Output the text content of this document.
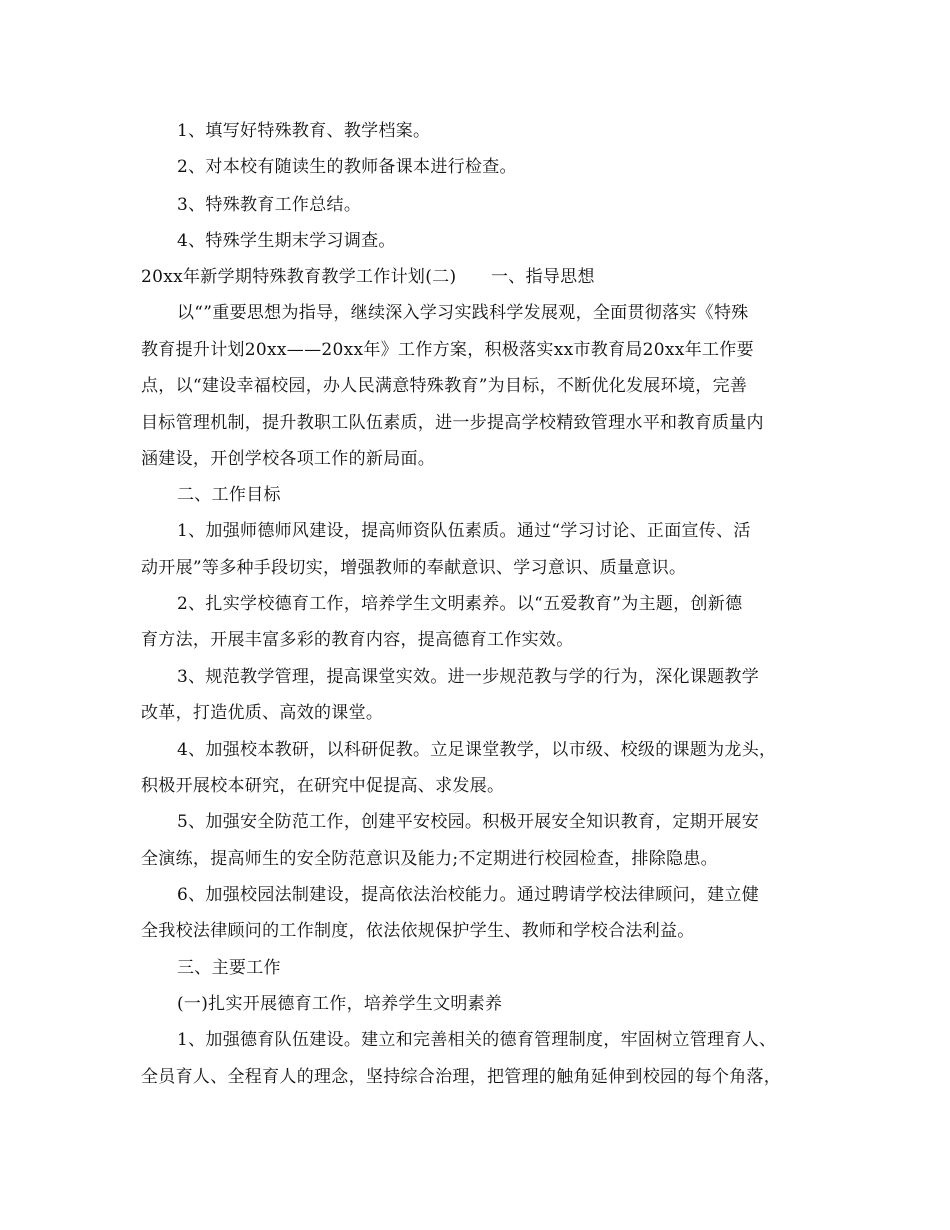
1、填写好特殊教育、教学档案。
2、对本校有随读生的教师备课本进行检查。
3、特殊教育工作总结。
4、特殊学生期末学习调查。
20xx年新学期特殊教育教学工作计划(二)　　一、指导思想
以“”重要思想为指导，继续深入学习实践科学发展观，全面贯彻落实《特殊
教育提升计划20xx——20xx年》工作方案，积极落实xx市教育局20xx年工作要
点，以“建设幸福校园，办人民满意特殊教育”为目标，不断优化发展环境，完善
目标管理机制，提升教职工队伍素质，进一步提高学校精致管理水平和教育质量内
涵建设，开创学校各项工作的新局面。
二、工作目标
1、加强师德师风建设，提高师资队伍素质。通过“学习讨论、正面宣传、活
动开展”等多种手段切实，增强教师的奉献意识、学习意识、质量意识。
2、扎实学校德育工作，培养学生文明素养。以“五爱教育”为主题，创新德
育方法，开展丰富多彩的教育内容，提高德育工作实效。
3、规范教学管理，提高课堂实效。进一步规范教与学的行为，深化课题教学
改革，打造优质、高效的课堂。
4、加强校本教研，以科研促教。立足课堂教学，以市级、校级的课题为龙头，
积极开展校本研究，在研究中促提高、求发展。
5、加强安全防范工作，创建平安校园。积极开展安全知识教育，定期开展安
全演练，提高师生的安全防范意识及能力;不定期进行校园检查，排除隐患。
6、加强校园法制建设，提高依法治校能力。通过聘请学校法律顾问，建立健
全我校法律顾问的工作制度，依法依规保护学生、教师和学校合法利益。
三、主要工作
(一)扎实开展德育工作，培养学生文明素养
1、加强德育队伍建设。建立和完善相关的德育管理制度，牢固树立管理育人、
全员育人、全程育人的理念，坚持综合治理，把管理的触角延伸到校园的每个角落，
